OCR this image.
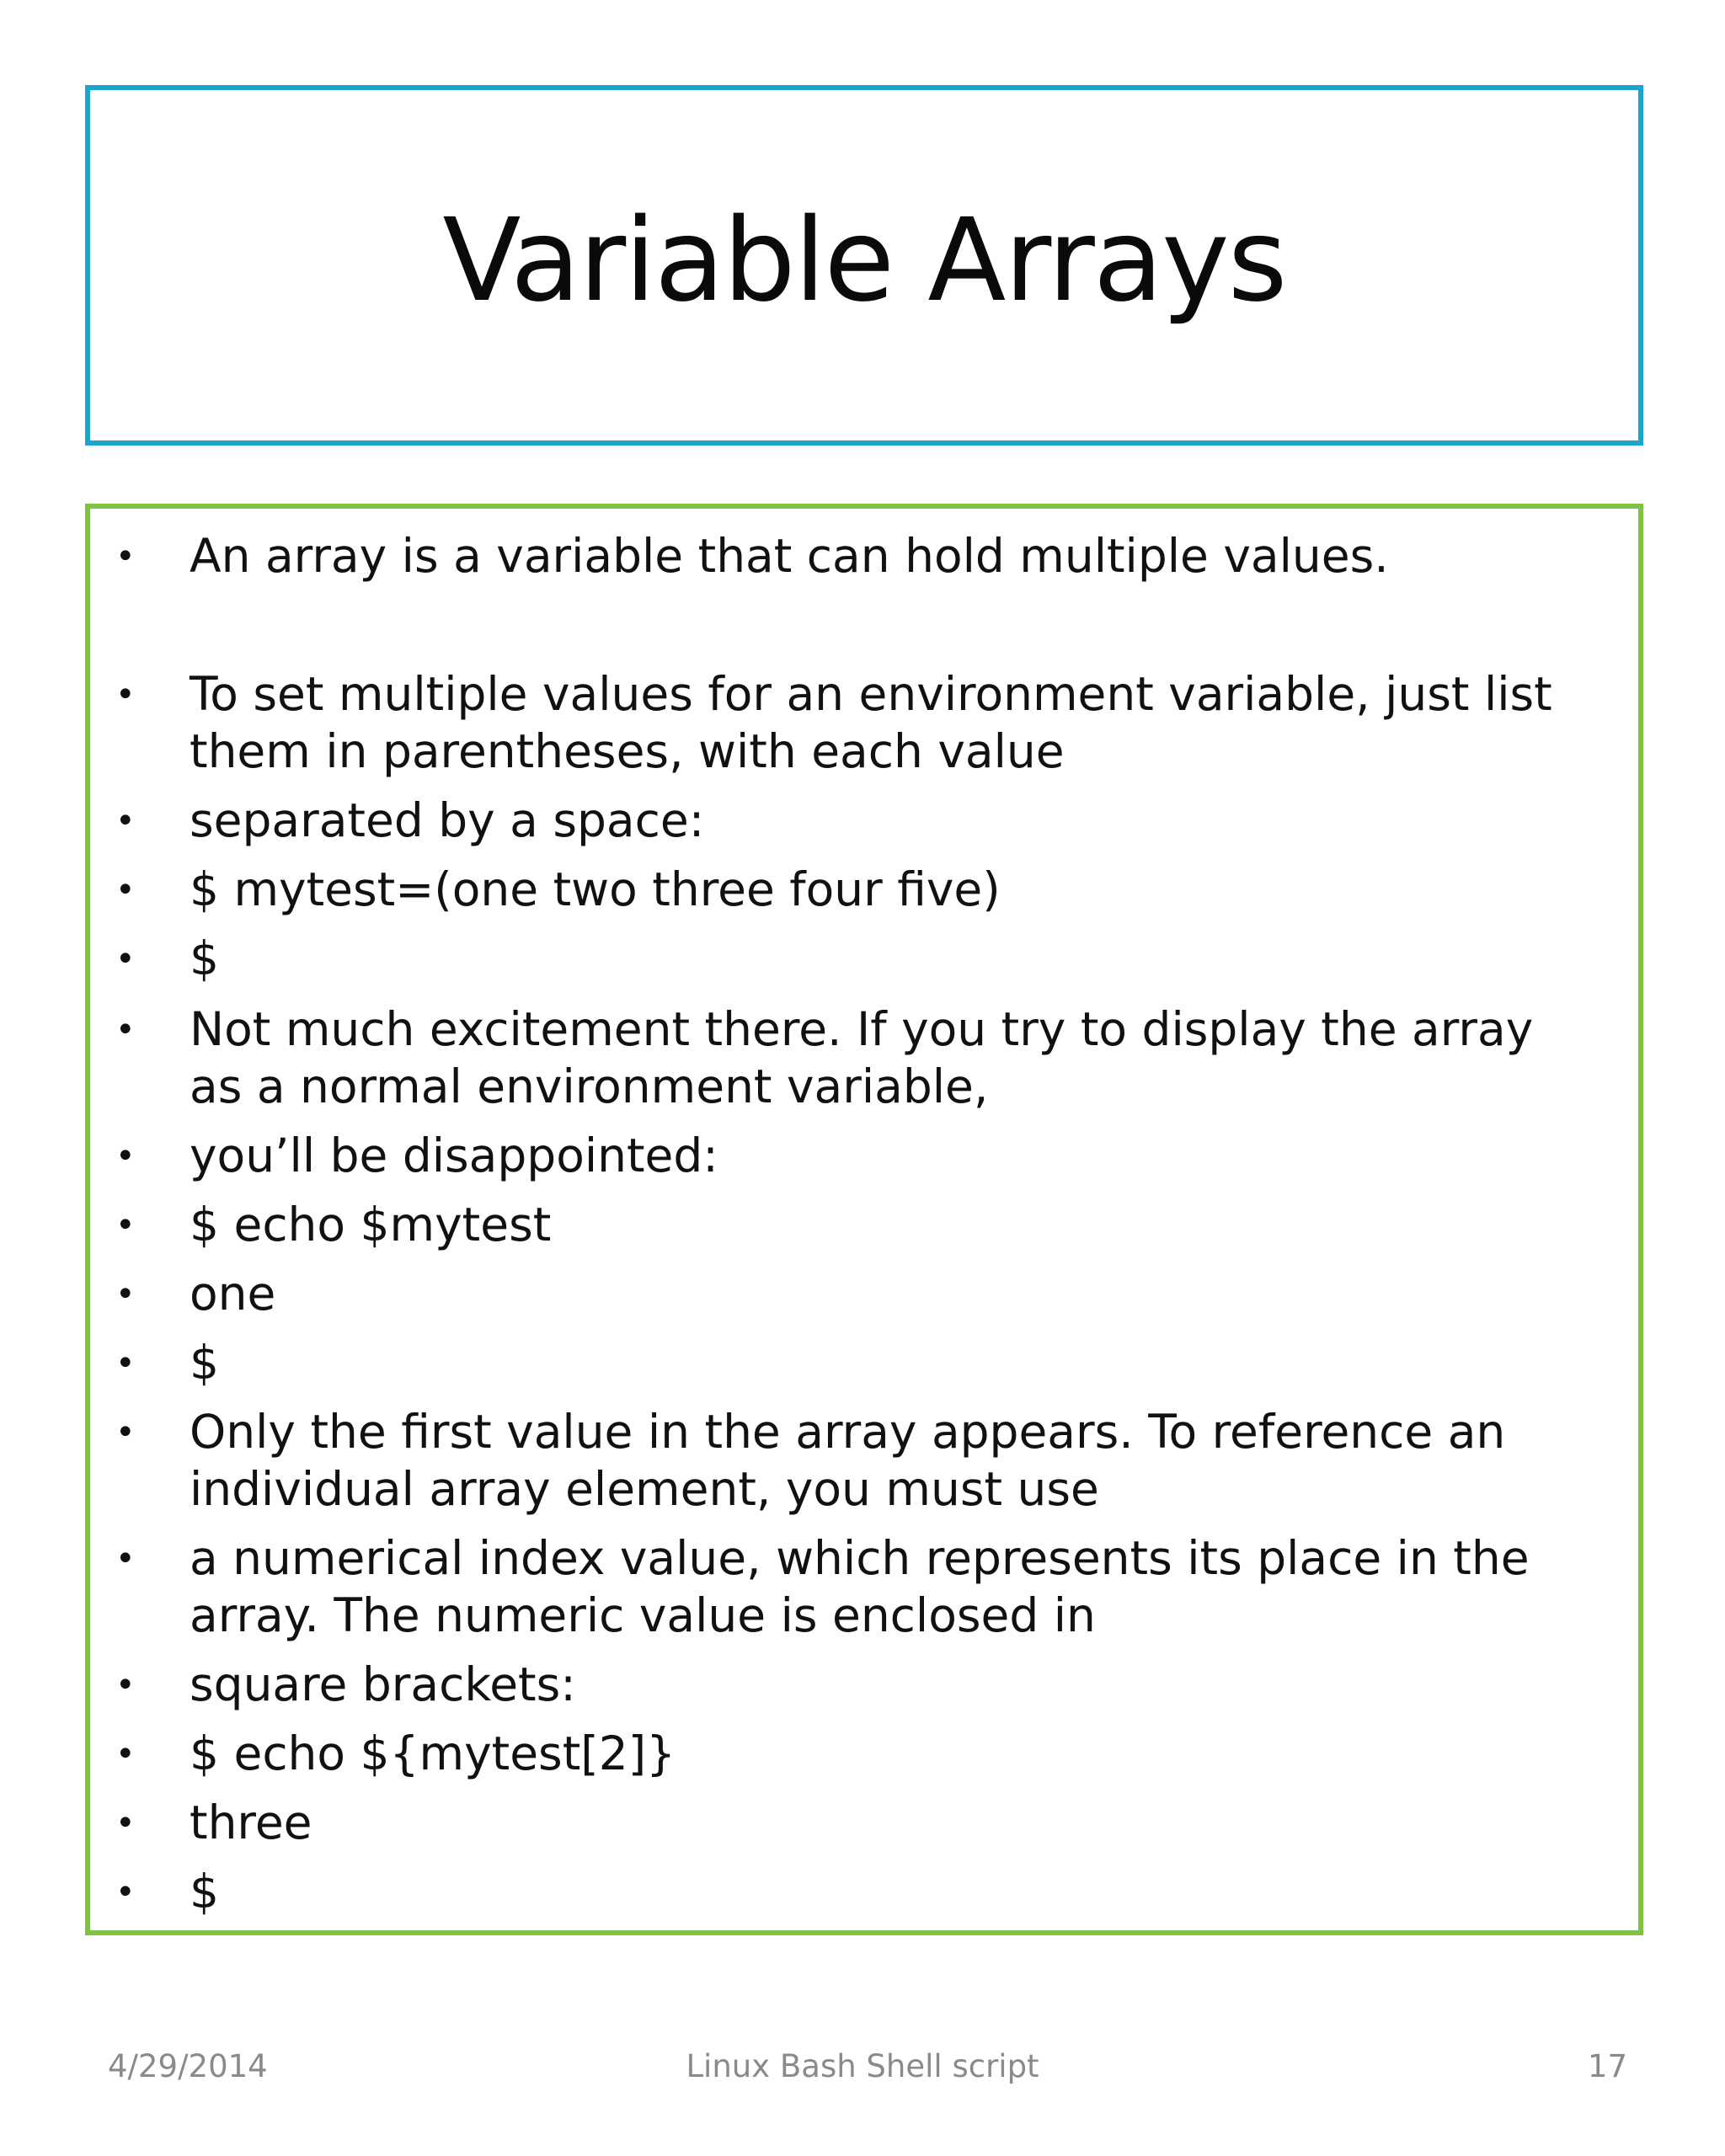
Variable Arrays
• An array is a variable that can hold multiple values.
• To set multiple values for an environment variable, just list
them in parentheses, with each value
• separated by a space:
• $ mytest=(one two three four five)
• $
• Not much excitement there. If you try to display the array
as a normal environment variable,
• you’ll be disappointed:
• $ echo $mytest
• one
• $
• Only the first value in the array appears. To reference an
individual array element, you must use
• a numerical index value, which represents its place in the
array. The numeric value is enclosed in
• square brackets:
• $ echo ${mytest[2]}
• three
• $
4/29/2014	Linux Bash Shell script	17
